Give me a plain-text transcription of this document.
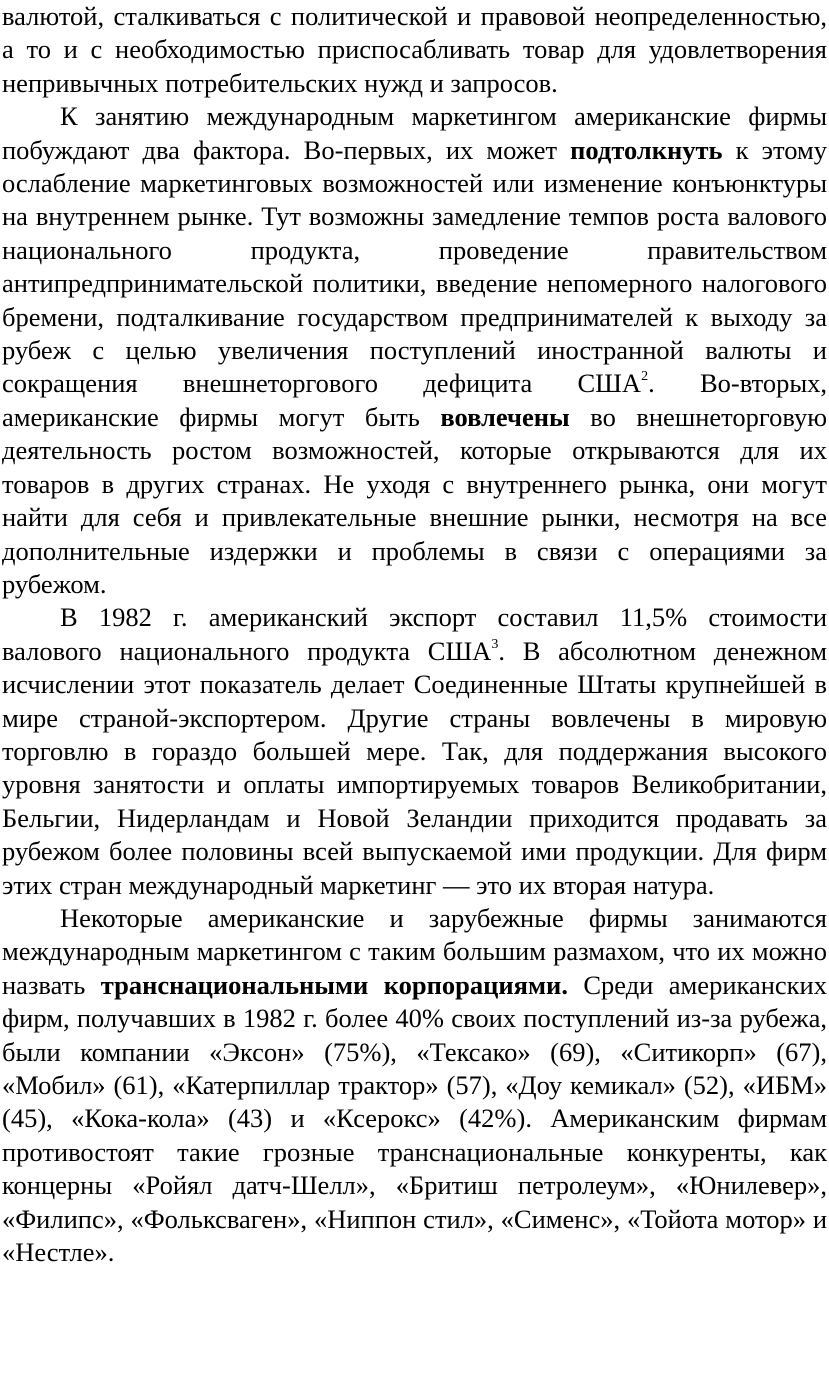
валютой, сталкиваться с политической и правовой неопределенностью, а то и с необходимостью приспосабливать товар для удовлетворения непривычных потребительских нужд и запросов.

К занятию международным маркетингом американские фирмы побуждают два фактора. Во-первых, их может подтолкнуть к этому ослабление маркетинговых возможностей или изменение конъюнктуры на внутреннем рынке. Тут возможны замедление темпов роста валового национального продукта, проведение правительством антипредпринимательской политики, введение непомерного налогового бремени, подталкивание государством предпринимателей к выходу за рубеж с целью увеличения поступлений иностранной валюты и сокращения внешнеторгового дефицита США$^2$. Во-вторых, американские фирмы могут быть вовлечены во внешнеторговую деятельность ростом возможностей, которые открываются для их товаров в других странах. Не уходя с внутреннего рынка, они могут найти для себя и привлекательные внешние рынки, несмотря на все дополнительные издержки и проблемы в связи с операциями за рубежом.

В 1982 г. американский экспорт составил 11,5% стоимости валового национального продукта США$^3$. В абсолютном денежном исчислении этот показатель делает Соединенные Штаты крупнейшей в мире страной-экспортером. Другие страны вовлечены в мировую торговлю в гораздо большей мере. Так, для поддержания высокого уровня занятости и оплаты импортируемых товаров Великобритании, Бельгии, Нидерландам и Новой Зеландии приходится продавать за рубежом более половины всей выпускаемой ими продукции. Для фирм этих стран международный маркетинг — это их вторая натура.

Некоторые американские и зарубежные фирмы занимаются международным маркетингом с таким большим размахом, что их можно назвать транснациональными корпорациями. Среди американских фирм, получавших в 1982 г. более 40% своих поступлений из-за рубежа, были компании «Эксон» (75%), «Тексако» (69), «Ситикорп» (67), «Мобил» (61), «Катерпиллар трактор» (57), «Доу кемикал» (52), «ИБМ» (45), «Кока-кола» (43) и «Ксерокс» (42%). Американским фирмам противостоят такие грозные транснациональные конкуренты, как концерны «Ройял датч-Шелл», «Бритиш петролеум», «Юнилевер», «Филипс», «Фольксваген», «Ниппон стил», «Сименс», «Тойота мотор» и «Нестле».
